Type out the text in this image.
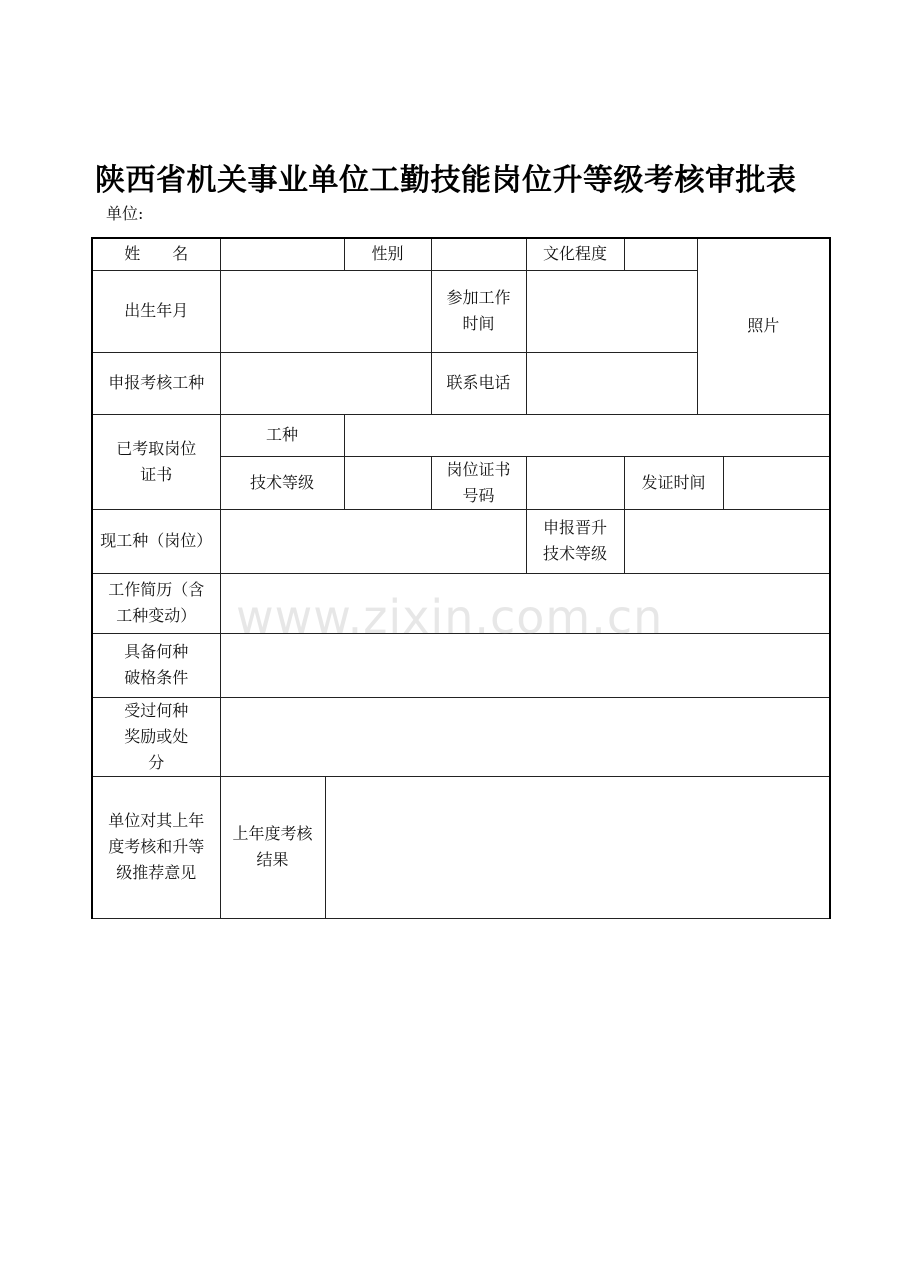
陕西省机关事业单位工勤技能岗位升等级考核审批表
单位:
姓　　名			性别		文化程度		照片	
出生年月				参加工作时间				
申报考核工种				联系电话				
已考取岗位证书	工种							
	技术等级			岗位证书号码		发证时间		
现工种（岗位）					申报晋升技术等级			
工作简历（含工种变动）								
具备何种破格条件								
受过何种奖励或处分								
单位对其上年度考核和升等级推荐意见	上年度考核结果							
www.zixin.com.cn
